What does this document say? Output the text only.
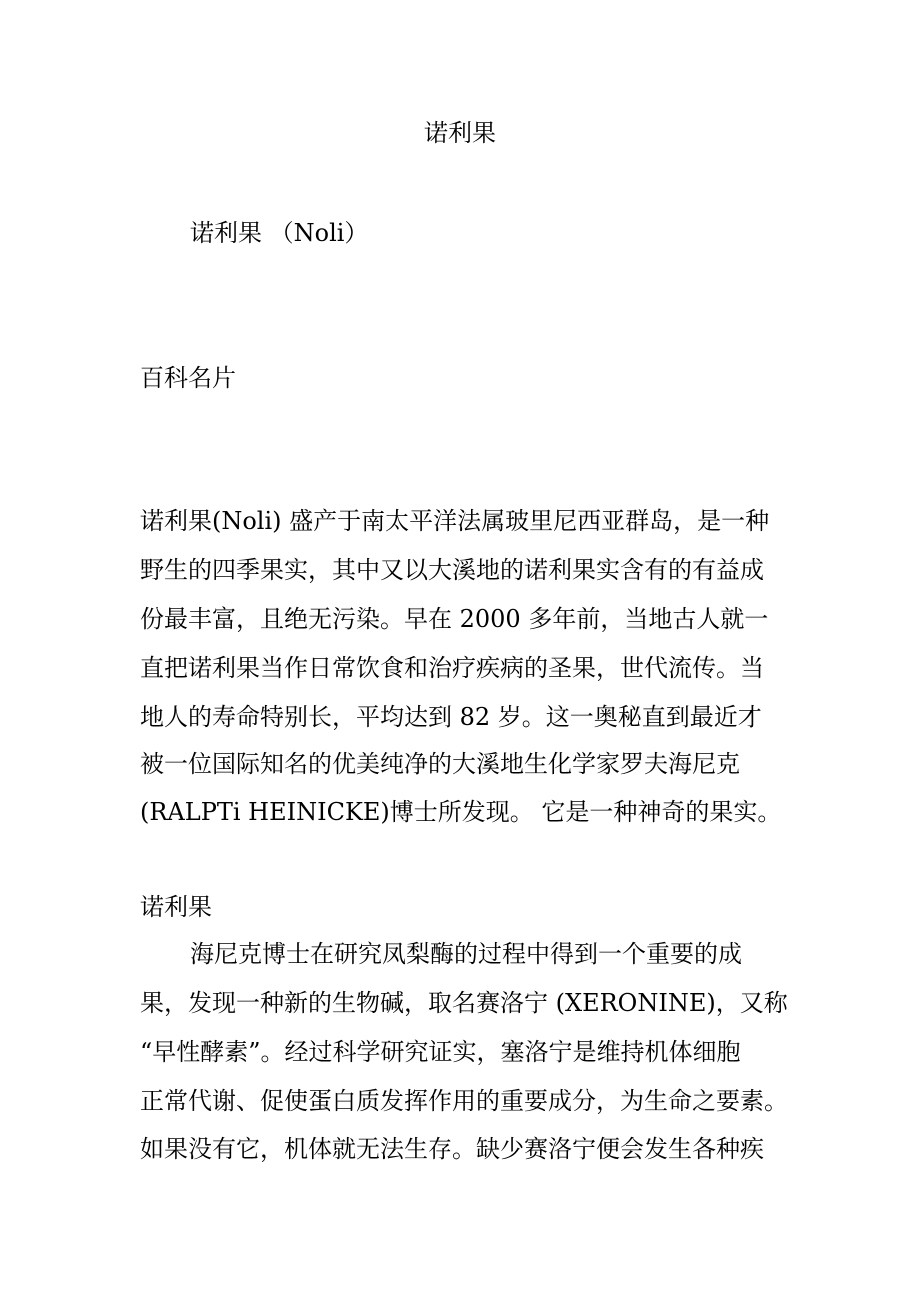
诺利果
诺利果 （Noli）
百科名片
诺利果(Noli) 盛产于南太平洋法属玻里尼西亚群岛，是一种
野生的四季果实，其中又以大溪地的诺利果实含有的有益成
份最丰富，且绝无污染。早在 2000 多年前，当地古人就一
直把诺利果当作日常饮食和治疗疾病的圣果，世代流传。当
地人的寿命特别长，平均达到 82 岁。这一奥秘直到最近才
被一位国际知名的优美纯净的大溪地生化学家罗夫海尼克
(RALPTi HEINICKE)博士所发现。 它是一种神奇的果实。
诺利果
海尼克博士在研究凤梨酶的过程中得到一个重要的成
果，发现一种新的生物碱，取名赛洛宁 (XERONINE)，又称
“早性酵素”。经过科学研究证实，塞洛宁是维持机体细胞
正常代谢、促使蛋白质发挥作用的重要成分，为生命之要素。
如果没有它，机体就无法生存。缺少赛洛宁便会发生各种疾
